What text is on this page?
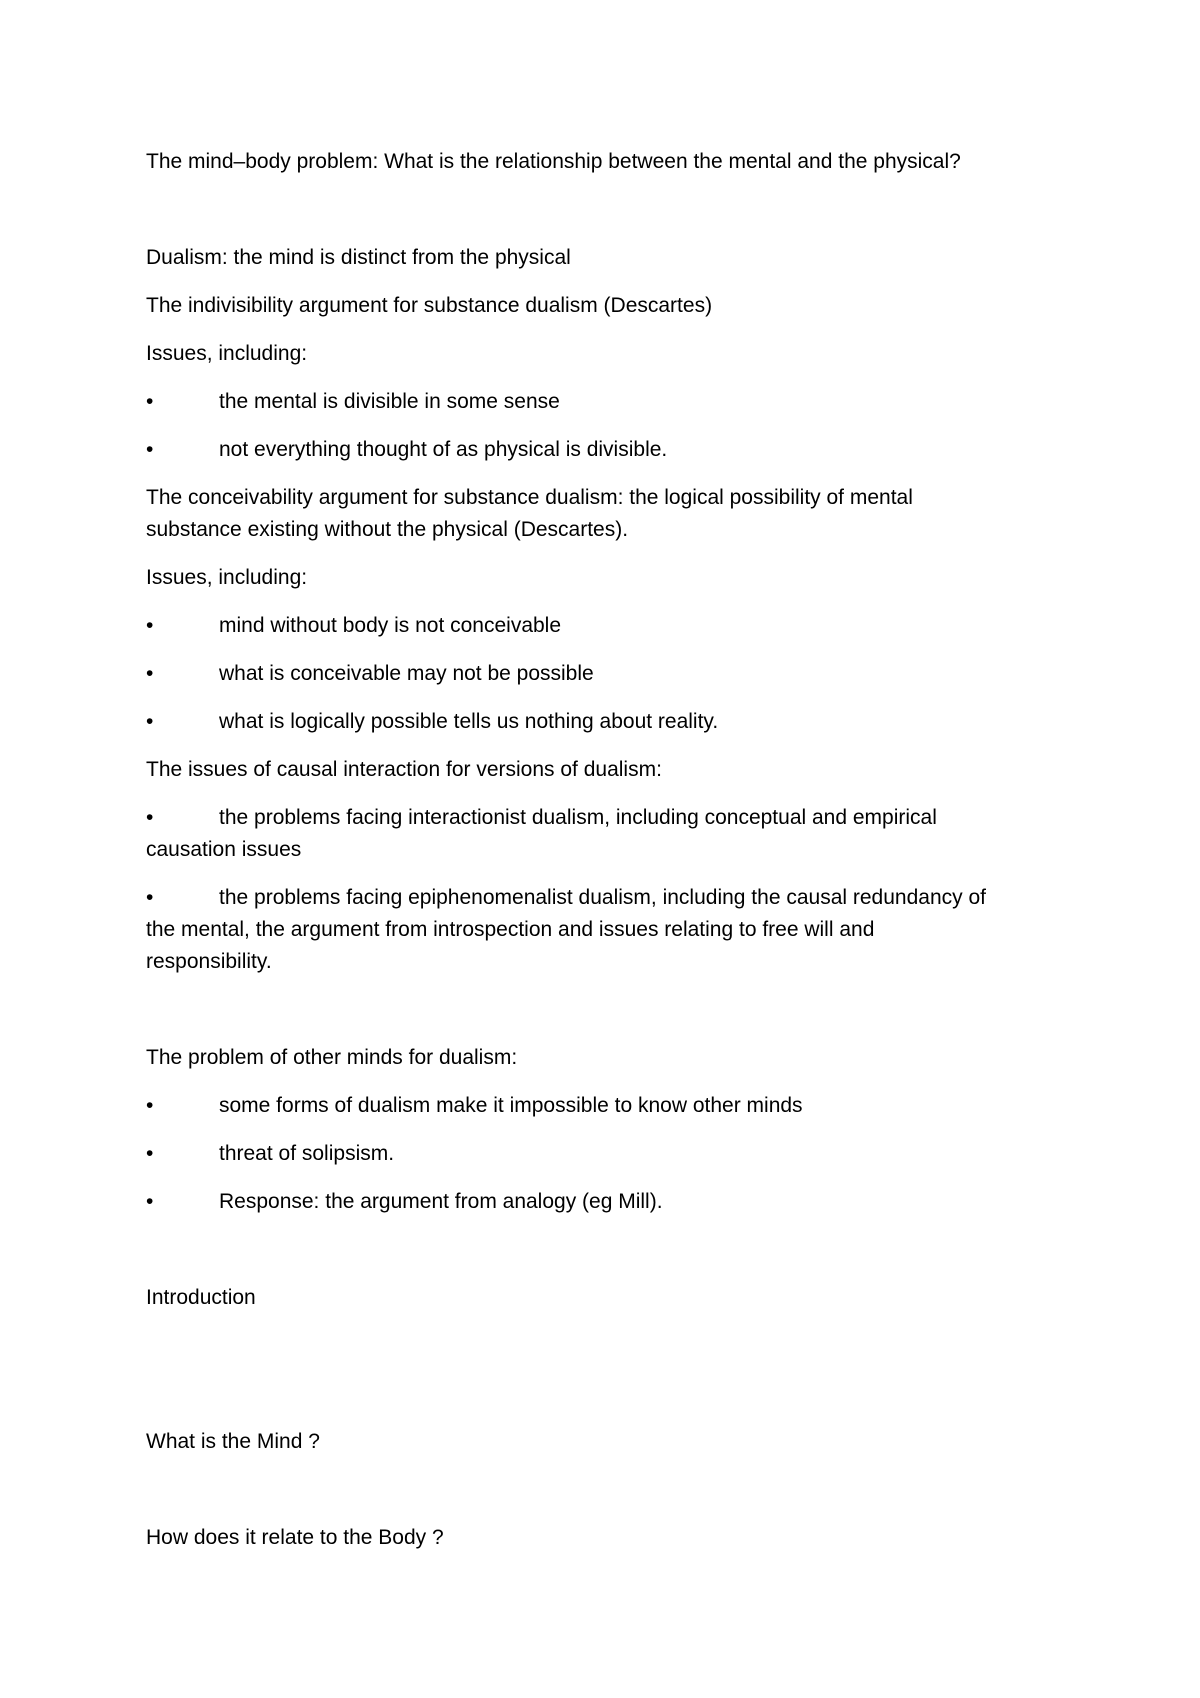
The mind–body problem: What is the relationship between the mental and the physical?
Dualism: the mind is distinct from the physical
The indivisibility argument for substance dualism (Descartes)
Issues, including:
•	the mental is divisible in some sense
•	not everything thought of as physical is divisible.
The conceivability argument for substance dualism: the logical possibility of mental substance existing without the physical (Descartes).
Issues, including:
•	mind without body is not conceivable
•	what is conceivable may not be possible
•	what is logically possible tells us nothing about reality.
The issues of causal interaction for versions of dualism:
•	the problems facing interactionist dualism, including conceptual and empirical
causation issues
•	the problems facing epiphenomenalist dualism, including the causal redundancy of
the mental, the argument from introspection and issues relating to free will and responsibility.
The problem of other minds for dualism:
•	some forms of dualism make it impossible to know other minds
•	threat of solipsism.
•	Response: the argument from analogy (eg Mill).
Introduction
What is the Mind ?
How does it relate to the Body ?
